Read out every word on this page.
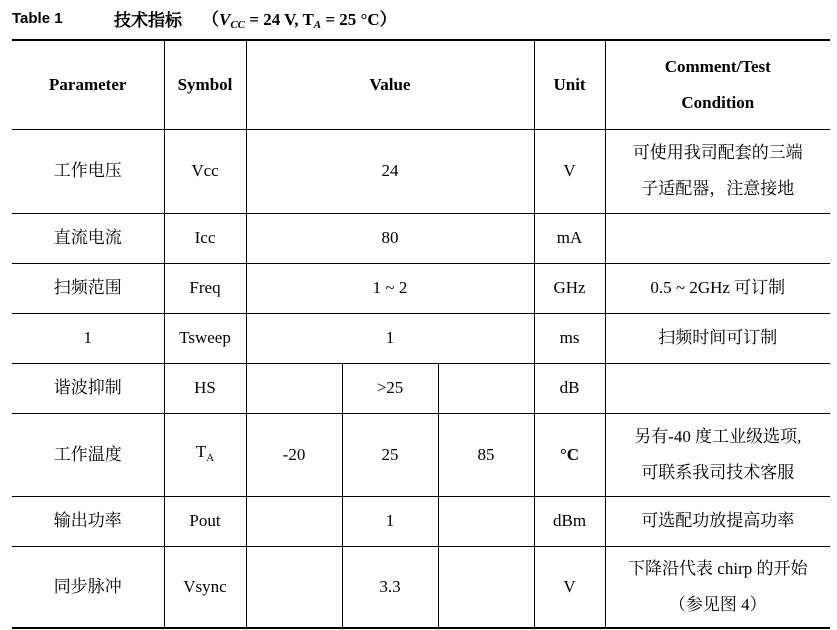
Table 1	技术指标 （$V_{CC} = 24$ V, $T_A = 25$ °C）
Parameter	Symbol	Value			Unit	Comment/Test
Condition

工作电压	Vcc	24			V	可使用我司配套的三端
子适配器，注意接地

直流电流	Icc	80			mA	
扫频范围	Freq	1 ~ 2			GHz	0.5 ~ 2GHz 可订制
1	Tsweep	1			ms	扫频时间可订制
谐波抑制	HS		>25		dB	
工作温度	$T_A$	-20	25	85	°C	另有-40 度工业级选项,
可联系我司技术客服

输出功率	Pout		1		dBm	可选配功放提高功率
同步脉冲	Vsync		3.3		V	下降沿代表 chirp 的开始
（参见图 4）
